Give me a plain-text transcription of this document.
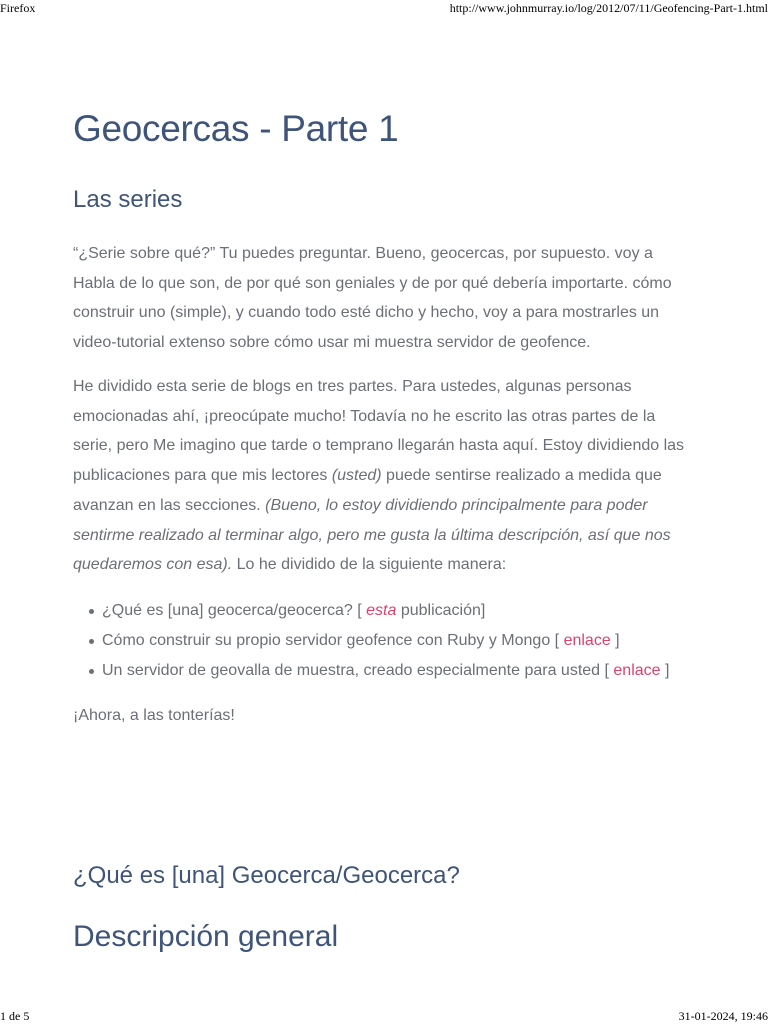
Firefox	http://www.johnmurray.io/log/2012/07/11/Geofencing-Part-1.html
Geocercas - Parte 1
Las series

“¿Serie sobre qué?” Tu puedes preguntar. Bueno, geocercas, por supuesto. voy a Habla de lo que son, de por qué son geniales y de por qué debería importarte. cómo construir uno (simple), y cuando todo esté dicho y hecho, voy a para mostrarles un video-tutorial extenso sobre cómo usar mi muestra servidor de geofence.

He dividido esta serie de blogs en tres partes. Para ustedes, algunas personas emocionadas ahí, ¡preocúpate mucho! Todavía no he escrito las otras partes de la serie, pero Me imagino que tarde o temprano llegarán hasta aquí. Estoy dividiendo las publicaciones para que mis lectores (usted) puede sentirse realizado a medida que avanzan en las secciones. (Bueno, lo estoy dividiendo principalmente para poder sentirme realizado al terminar algo, pero me gusta la última descripción, así que nos quedaremos con esa). Lo he dividido de la siguiente manera:

¿Qué es [una] geocerca/geocerca? [ esta publicación]
Cómo construir su propio servidor geofence con Ruby y Mongo [ enlace ]
Un servidor de geovalla de muestra, creado especialmente para usted [ enlace ]

¡Ahora, a las tonterías!

¿Qué es [una] Geocerca/Geocerca?
Descripción general
1 de 5	31-01-2024, 19:46
